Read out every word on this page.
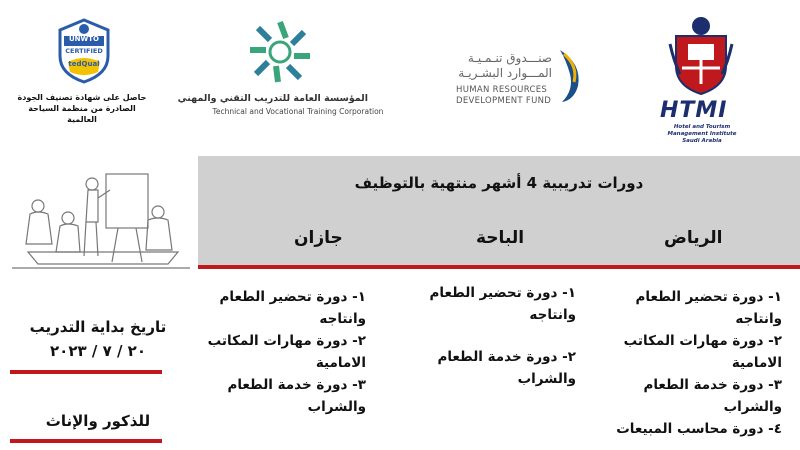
UNWTO
CERTIFIED
tedQual
حاصل على شهادة تصنيف الجودة الصادرة من منظمة السياحة العالمية
المؤسسة العامة للتدريب التقني والمهني
Technical and Vocational Training Corporation
صنـــدوق تنـمـيـة
المـــوارد البشـريـة
HUMAN RESOURCES
DEVELOPMENT FUND	HTMI
Hotel and Tourism
Management Institute
Saudi Arabia
دورات تدريبية 4 أشهر منتهية بالتوظيف
الرياض
الباحة
جازان
١- دورة تحضير الطعام وانتاجه
٢- دورة مهارات المكاتب الامامية
٣- دورة خدمة الطعام والشراب
٤- دورة محاسب المبيعات
١- دورة تحضير الطعام وانتاجه
٢- دورة خدمة الطعام والشراب
١- دورة تحضير الطعام وانتاجه
٢- دورة مهارات المكاتب الامامية
٣- دورة خدمة الطعام والشراب
تاريخ بداية التدريب
٢٠ / ٧ / ٢٠٢٣
للذكور والإناث
